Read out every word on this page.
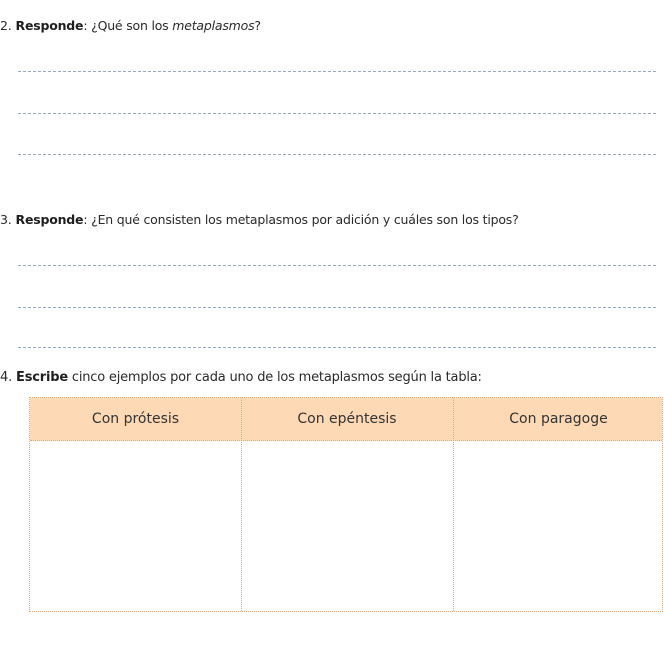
2. Responde: ¿Qué son los metaplasmos?
3. Responde: ¿En qué consisten los metaplasmos por adición y cuáles son los tipos?
4. Escribe cinco ejemplos por cada uno de los metaplasmos según la tabla:
Con prótesis	Con epéntesis	Con paragoge
